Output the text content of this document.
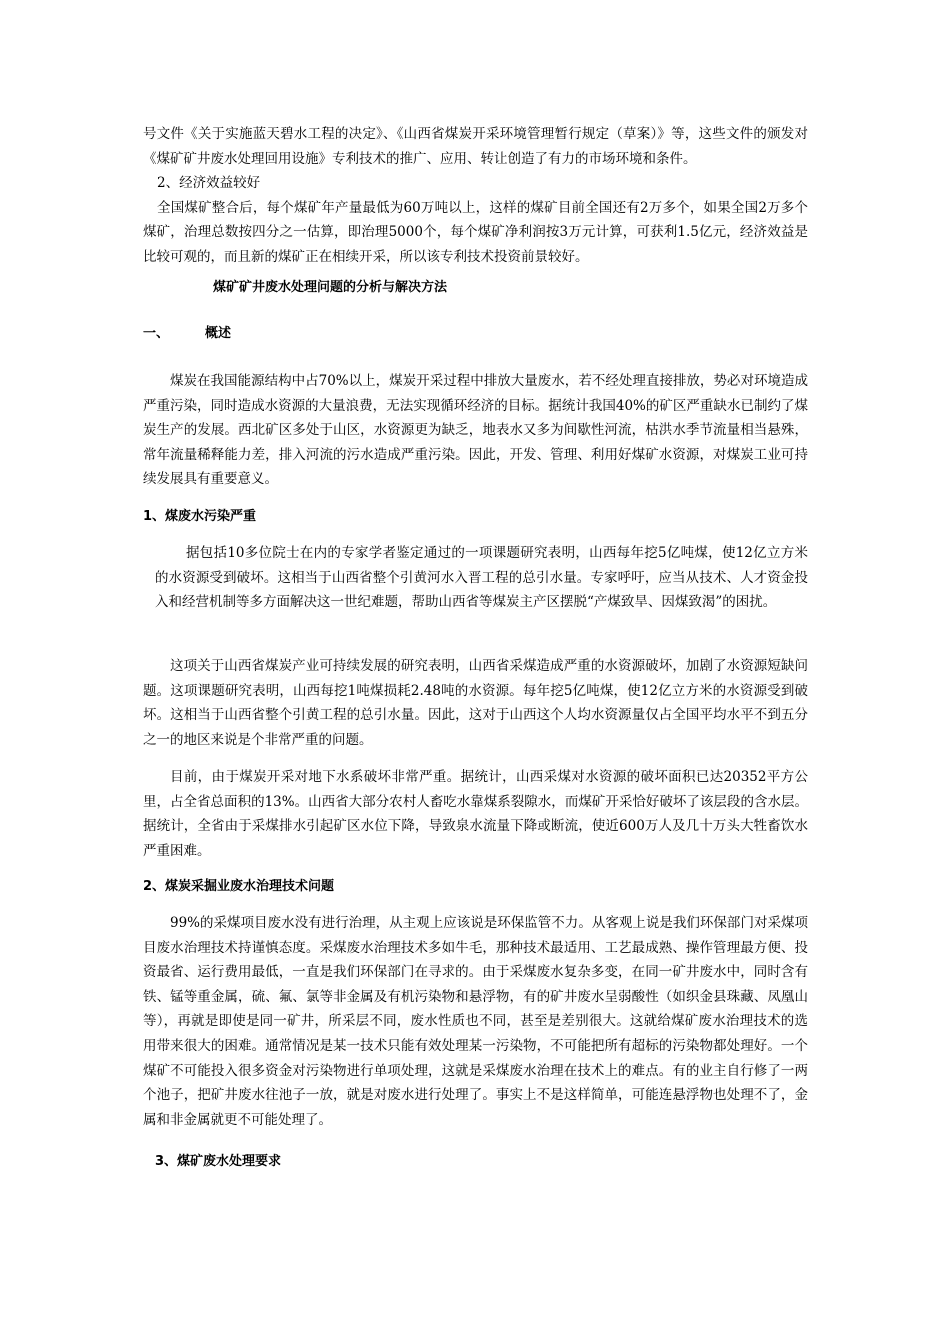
号文件《关于实施蓝天碧水工程的决定》、《山西省煤炭开采环境管理暂行规定（草案）》等，这些文件的颁发对《煤矿矿井废水处理回用设施》专利技术的推广、应用、转让创造了有力的市场环境和条件。

2、经济效益较好

全国煤矿整合后，每个煤矿年产量最低为60万吨以上，这样的煤矿目前全国还有2万多个，如果全国2万多个煤矿，治理总数按四分之一估算，即治理5000个，每个煤矿净利润按3万元计算，可获利1.5亿元，经济效益是比较可观的，而且新的煤矿正在相续开采，所以该专利技术投资前景较好。

煤矿矿井废水处理问题的分析与解决方法
一、	概述

煤炭在我国能源结构中占70%以上，煤炭开采过程中排放大量废水，若不经处理直接排放，势必对环境造成严重污染，同时造成水资源的大量浪费，无法实现循环经济的目标。据统计我国40%的矿区严重缺水已制约了煤炭生产的发展。西北矿区多处于山区，水资源更为缺乏，地表水又多为间歇性河流，枯洪水季节流量相当悬殊，常年流量稀释能力差，排入河流的污水造成严重污染。因此，开发、管理、利用好煤矿水资源，对煤炭工业可持续发展具有重要意义。

1、煤废水污染严重

据包括10多位院士在内的专家学者鉴定通过的一项课题研究表明，山西每年挖5亿吨煤，使12亿立方米的水资源受到破坏。这相当于山西省整个引黄河水入晋工程的总引水量。专家呼吁，应当从技术、人才资金投入和经营机制等多方面解决这一世纪难题，帮助山西省等煤炭主产区摆脱“产煤致旱、因煤致渴”的困扰。

这项关于山西省煤炭产业可持续发展的研究表明，山西省采煤造成严重的水资源破坏，加剧了水资源短缺问题。这项课题研究表明，山西每挖1吨煤损耗2.48吨的水资源。每年挖5亿吨煤，使12亿立方米的水资源受到破坏。这相当于山西省整个引黄工程的总引水量。因此，这对于山西这个人均水资源量仅占全国平均水平不到五分之一的地区来说是个非常严重的问题。

目前，由于煤炭开采对地下水系破坏非常严重。据统计，山西采煤对水资源的破坏面积已达20352平方公里，占全省总面积的13%。山西省大部分农村人畜吃水靠煤系裂隙水，而煤矿开采恰好破坏了该层段的含水层。据统计，全省由于采煤排水引起矿区水位下降，导致泉水流量下降或断流，使近600万人及几十万头大牲畜饮水严重困难。

2、煤炭采掘业废水治理技术问题

99%的采煤项目废水没有进行治理，从主观上应该说是环保监管不力。从客观上说是我们环保部门对采煤项目废水治理技术持谨慎态度。采煤废水治理技术多如牛毛，那种技术最适用、工艺最成熟、操作管理最方便、投资最省、运行费用最低，一直是我们环保部门在寻求的。由于采煤废水复杂多变，在同一矿井废水中，同时含有铁、锰等重金属，硫、氟、氯等非金属及有机污染物和悬浮物，有的矿井废水呈弱酸性（如织金县珠藏、凤凰山等），再就是即使是同一矿井，所采层不同，废水性质也不同，甚至是差别很大。这就给煤矿废水治理技术的选用带来很大的困难。通常情况是某一技术只能有效处理某一污染物，不可能把所有超标的污染物都处理好。一个煤矿不可能投入很多资金对污染物进行单项处理，这就是采煤废水治理在技术上的难点。有的业主自行修了一两个池子，把矿井废水往池子一放，就是对废水进行处理了。事实上不是这样简单，可能连悬浮物也处理不了，金属和非金属就更不可能处理了。

3、煤矿废水处理要求
